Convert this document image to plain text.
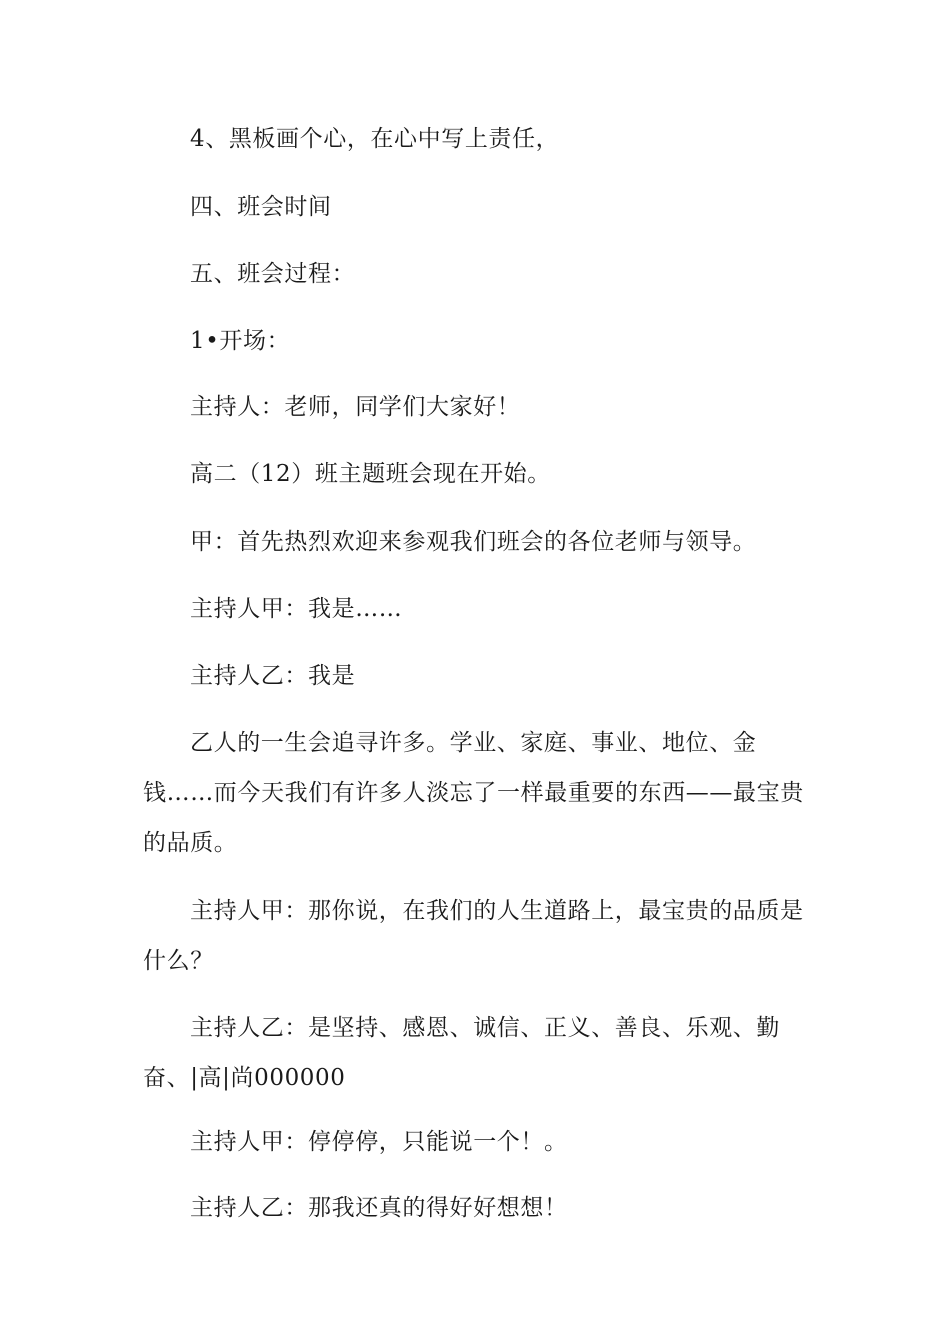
4、黑板画个心，在心中写上责任，

四、班会时间

五、班会过程：

1•开场：

主持人：老师，同学们大家好！

高二（12）班主题班会现在开始。

甲：首先热烈欢迎来参观我们班会的各位老师与领导。

主持人甲：我是……

主持人乙：我是

乙人的一生会追寻许多。学业、家庭、事业、地位、金钱……而今天我们有许多人淡忘了一样最重要的东西——最宝贵的品质。

主持人甲：那你说，在我们的人生道路上，最宝贵的品质是什么？

主持人乙：是坚持、感恩、诚信、正义、善良、乐观、勤奋、|高|尚000000

主持人甲：停停停，只能说一个！。

主持人乙：那我还真的得好好想想！
